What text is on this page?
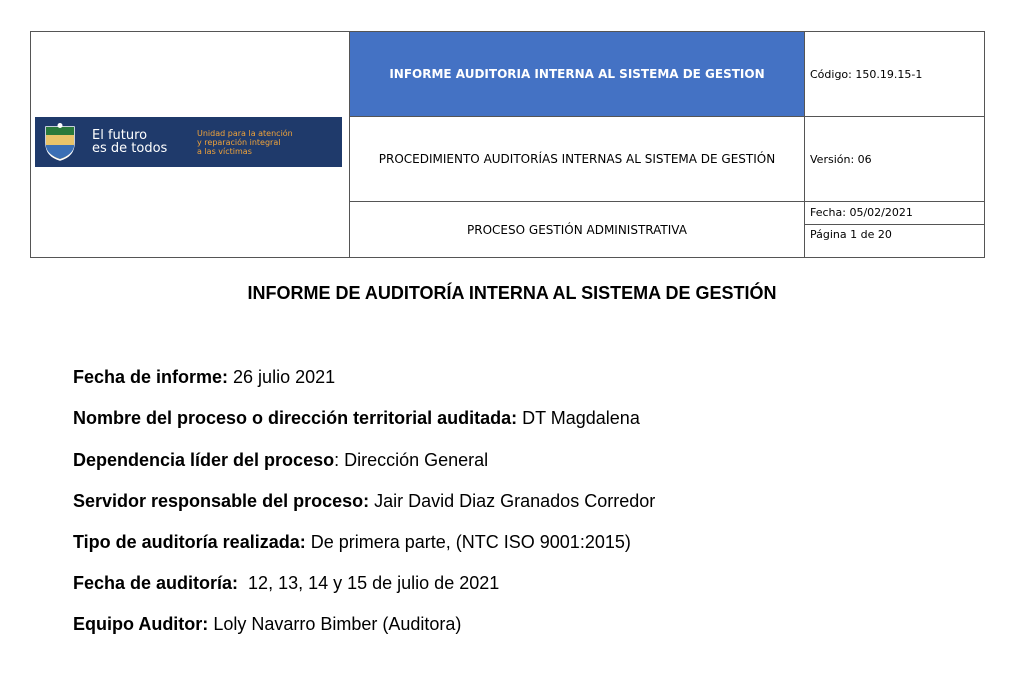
	INFORME AUDITORIA INTERNA AL SISTEMA DE GESTION	Código: 150.19.15-1
	PROCEDIMIENTO AUDITORÍAS INTERNAS AL SISTEMA DE GESTIÓN	Versión: 06
	PROCESO GESTIÓN ADMINISTRATIVA	Fecha: 05/02/2021
		Página 1 de 20
El futuro
es de todos
Unidad para la atención
y reparación integral
a las víctimas
INFORME DE AUDITORÍA INTERNA AL SISTEMA DE GESTIÓN
Fecha de informe: 26 julio 2021
Nombre del proceso o dirección territorial auditada: DT Magdalena
Dependencia líder del proceso: Dirección General
Servidor responsable del proceso: Jair David Diaz Granados Corredor
Tipo de auditoría realizada: De primera parte, (NTC ISO 9001:2015)
Fecha de auditoría:  12, 13, 14 y 15 de julio de 2021
Equipo Auditor: Loly Navarro Bimber (Auditora)
